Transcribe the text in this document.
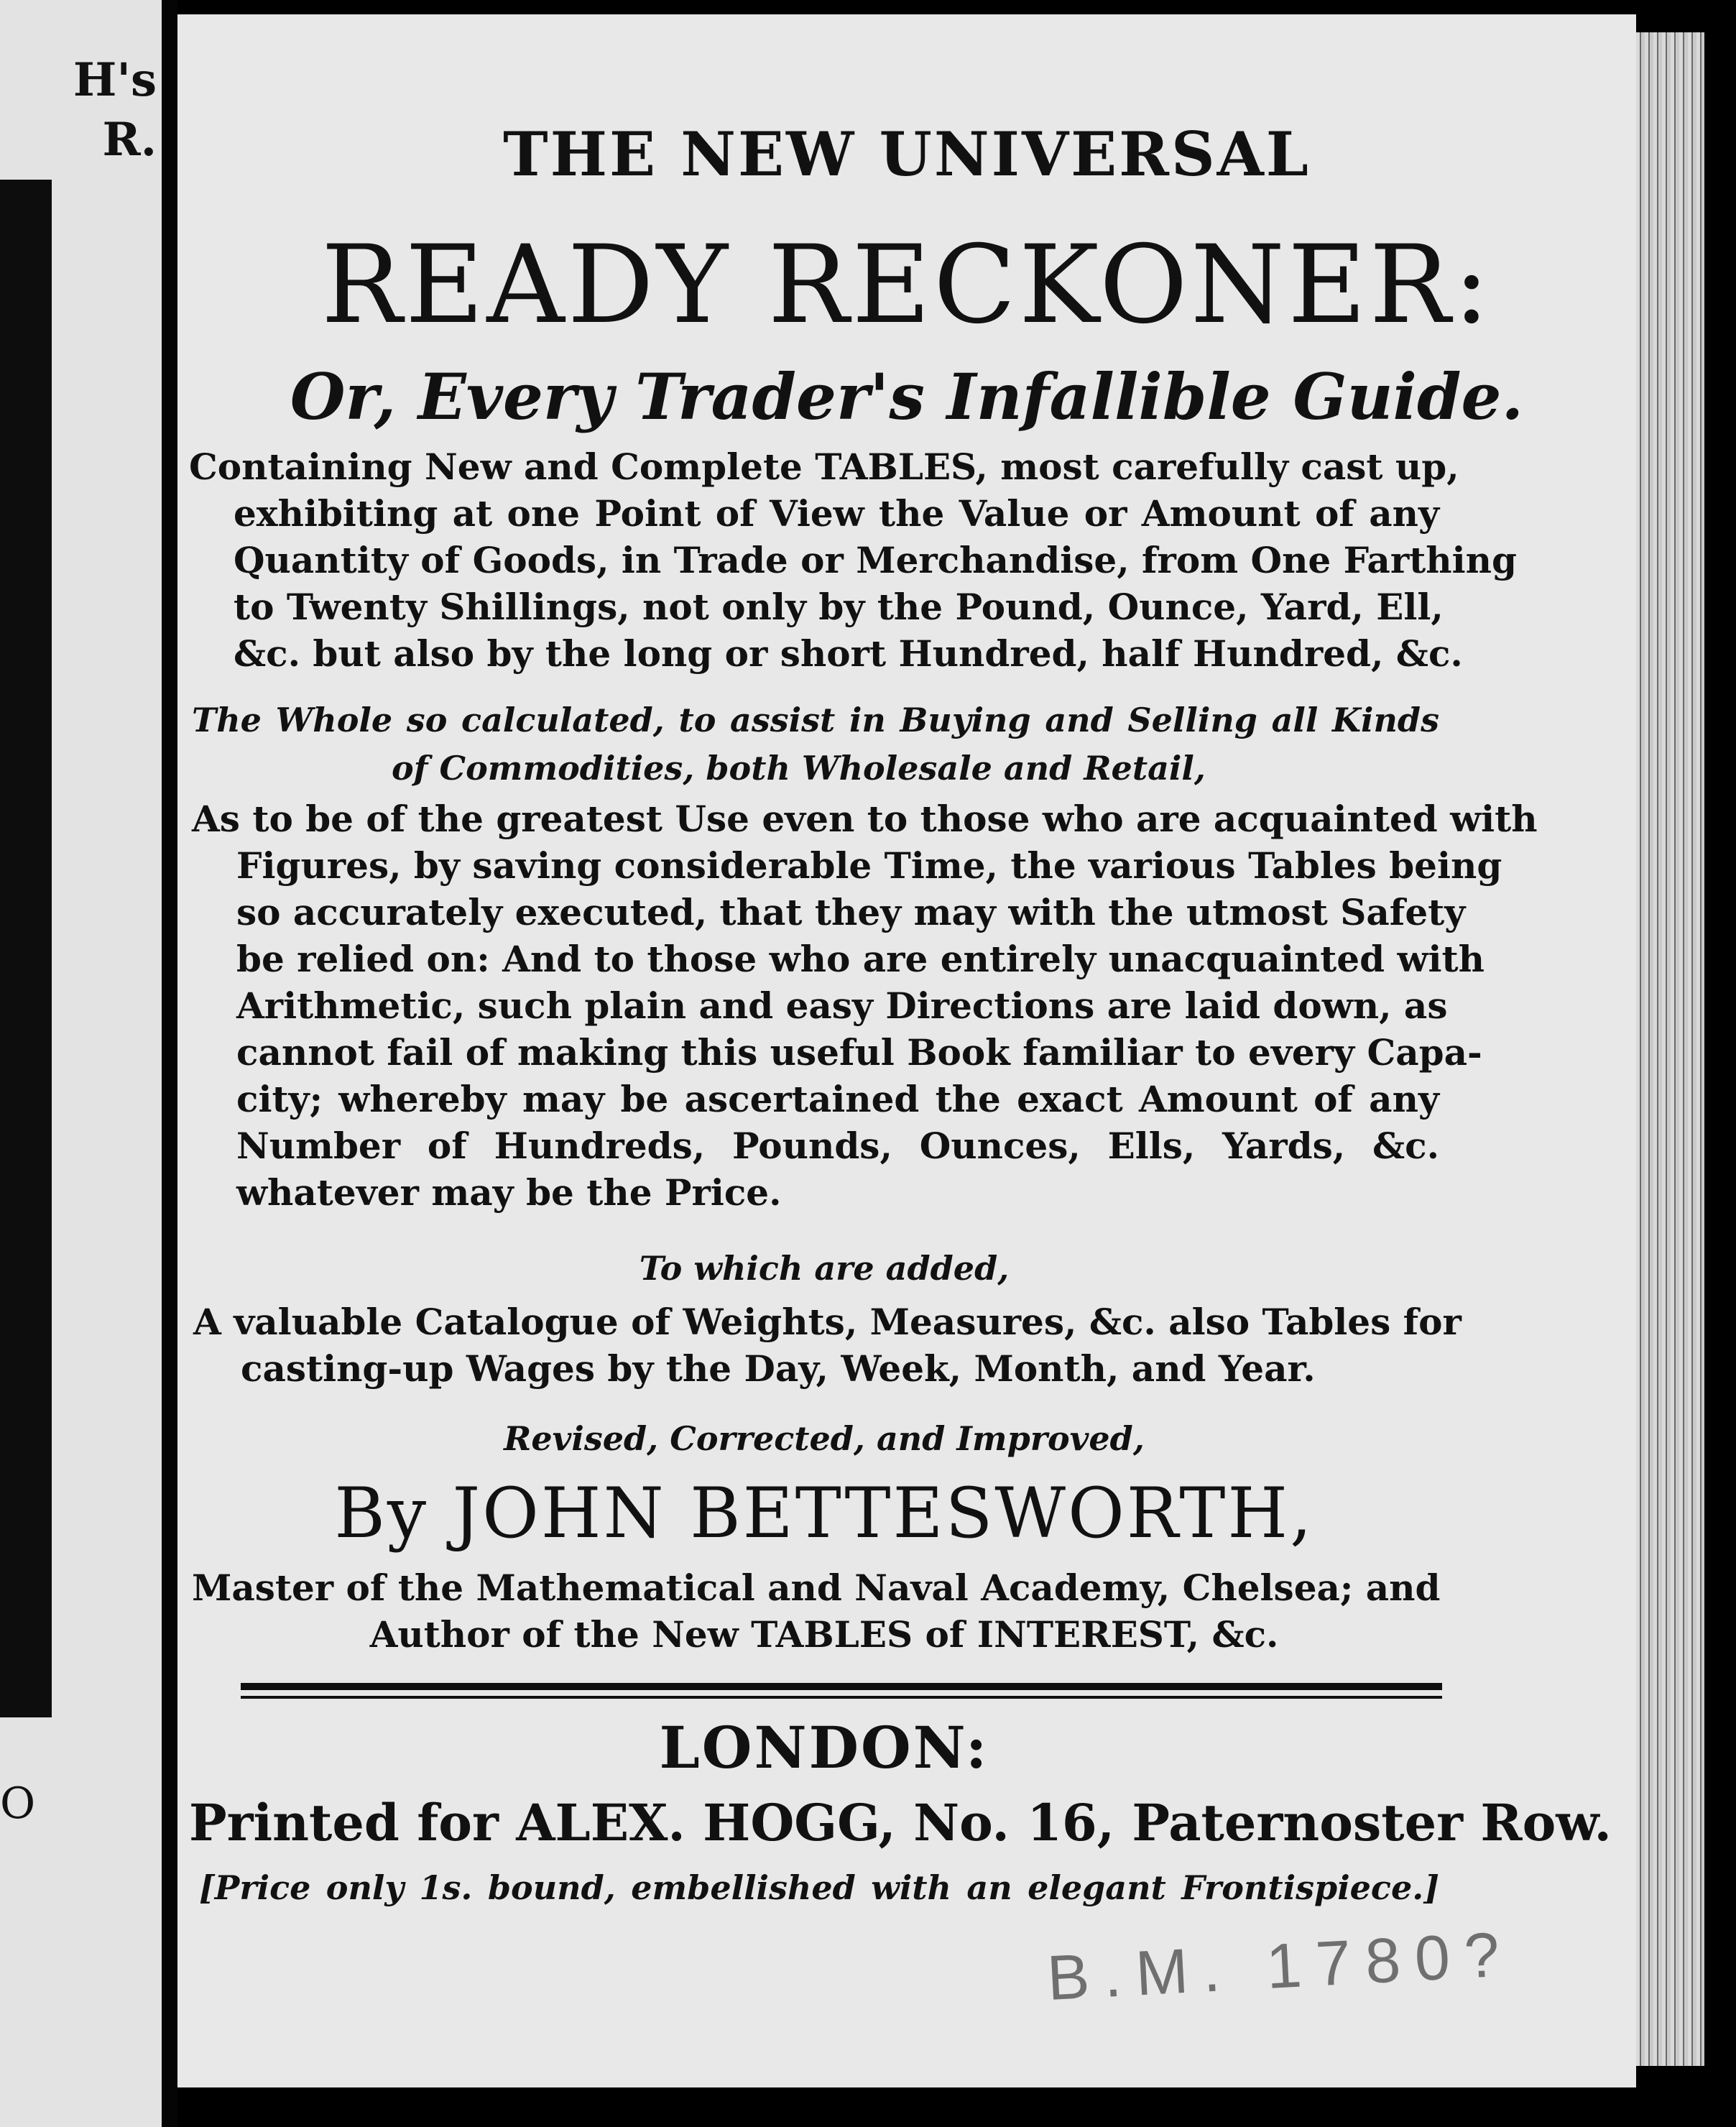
H's
R.
O
THE NEW UNIVERSAL
READY RECKONER:
Or, Every Trader's Infallible Guide.
Containing New and Complete TABLES, most carefully cast up,
exhibiting at one Point of View the Value or Amount of any
Quantity of Goods, in Trade or Merchandise, from One Farthing
to Twenty Shillings, not only by the Pound, Ounce, Yard, Ell,
&c. but also by the long or short Hundred, half Hundred, &c.
The Whole so calculated, to assist in Buying and Selling all Kinds
of Commodities, both Wholesale and Retail,
As to be of the greatest Use even to those who are acquainted with
Figures, by saving considerable Time, the various Tables being
so accurately executed, that they may with the utmost Safety
be relied on: And to those who are entirely unacquainted with
Arithmetic, such plain and easy Directions are laid down, as
cannot fail of making this useful Book familiar to every Capa-
city; whereby may be ascertained the exact Amount of any
Number of Hundreds, Pounds, Ounces, Ells, Yards, &c.
whatever may be the Price.
To which are added,
A valuable Catalogue of Weights, Measures, &c. also Tables for
casting-up Wages by the Day, Week, Month, and Year.
Revised, Corrected, and Improved,
By JOHN BETTESWORTH,
Master of the Mathematical and Naval Academy, Chelsea; and
Author of the New TABLES of INTEREST, &c.
LONDON:
Printed for ALEX. HOGG, No. 16, Paternoster Row.
[Price only 1s. bound, embellished with an elegant Frontispiece.]
B.M. 1780?
